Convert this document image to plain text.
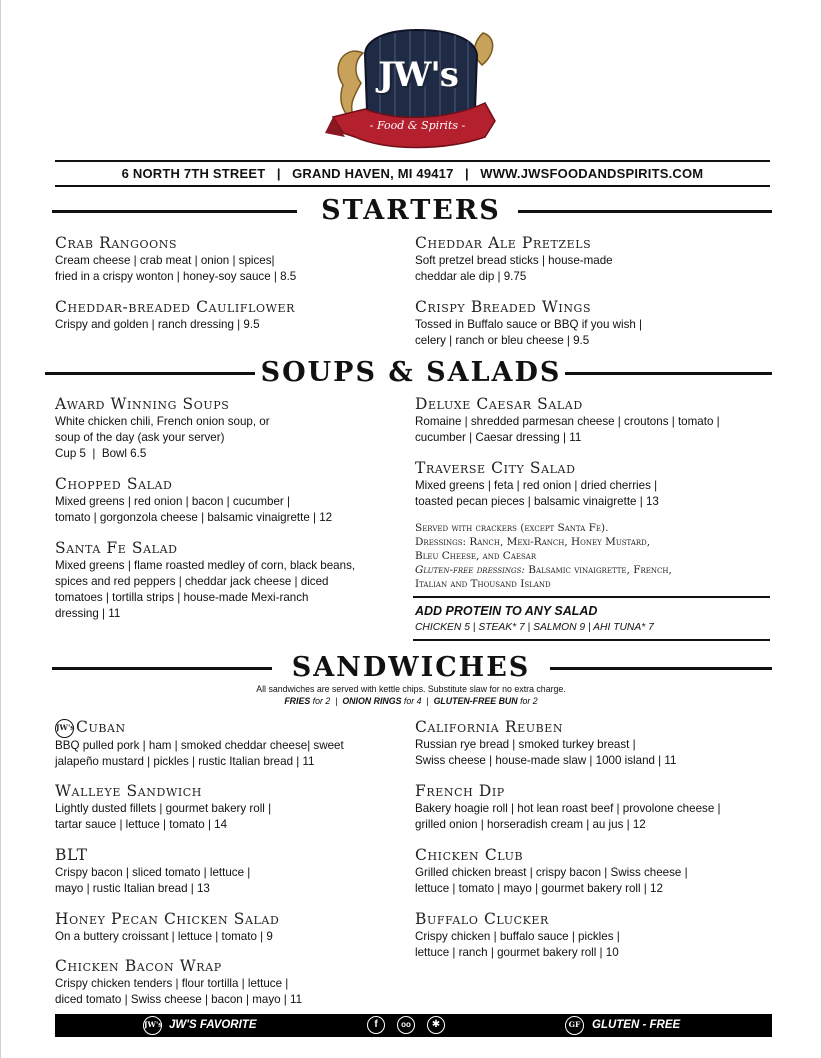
JW's
- Food & Spirits -
6 NORTH 7TH STREET   |   GRAND HAVEN, MI 49417   |   WWW.JWSFOODANDSPIRITS.COM
STARTERS
Crab Rangoons
Cream cheese | crab meat | onion | spices|
fried in a crispy wonton | honey-soy sauce | 8.5
Cheddar-breaded Cauliflower
Crispy and golden | ranch dressing | 9.5
Cheddar Ale Pretzels
Soft pretzel bread sticks | house-made
cheddar ale dip | 9.75
Crispy Breaded Wings
Tossed in Buffalo sauce or BBQ if you wish |
celery | ranch or bleu cheese | 9.5
SOUPS & SALADS
Award Winning Soups
White chicken chili, French onion soup, or
soup of the day (ask your server)
Cup 5  |  Bowl 6.5
Chopped Salad
Mixed greens | red onion | bacon | cucumber |
tomato | gorgonzola cheese | balsamic vinaigrette | 12
Santa Fe Salad
Mixed greens | flame roasted medley of corn, black beans,
spices and red peppers | cheddar jack cheese | diced
tomatoes | tortilla strips | house-made Mexi-ranch
dressing | 11
Deluxe Caesar Salad
Romaine | shredded parmesan cheese | croutons | tomato |
cucumber | Caesar dressing | 11
Traverse City Salad
Mixed greens | feta | red onion | dried cherries |
toasted pecan pieces | balsamic vinaigrette | 13
Served with crackers (except Santa Fe).
Dressings: Ranch, Mexi-Ranch, Honey Mustard,
Bleu Cheese, and Caesar
Gluten-free dressings: Balsamic vinaigrette, French,
Italian and Thousand Island
ADD PROTEIN TO ANY SALAD
CHICKEN 5 | STEAK* 7 | SALMON 9 | AHI TUNA* 7
SANDWICHES
All sandwiches are served with kettle chips. Substitute slaw for no extra charge.
FRIES for 2  |  ONION RINGS for 4  |  GLUTEN-FREE BUN for 2
JW'sCuban
BBQ pulled pork | ham | smoked cheddar cheese| sweet
jalapeño mustard | pickles | rustic Italian bread | 11
Walleye Sandwich
Lightly dusted fillets | gourmet bakery roll |
tartar sauce | lettuce | tomato | 14
BLT
Crispy bacon | sliced tomato | lettuce |
mayo | rustic Italian bread | 13
Honey Pecan Chicken Salad
On a buttery croissant | lettuce | tomato | 9
Chicken Bacon Wrap
Crispy chicken tenders | flour tortilla | lettuce |
diced tomato | Swiss cheese | bacon | mayo | 11
California Reuben
Russian rye bread | smoked turkey breast |
Swiss cheese | house-made slaw | 1000 island | 11
French Dip
Bakery hoagie roll | hot lean roast beef | provolone cheese |
grilled onion | horseradish cream | au jus | 12
Chicken Club
Grilled chicken breast | crispy bacon | Swiss cheese |
lettuce | tomato | mayo | gourmet bakery roll | 12
Buffalo Clucker
Crispy chicken | buffalo sauce | pickles |
lettuce | ranch | gourmet bakery roll | 10
JW's JW'S FAVORITE	f	oo	✱	GF	GLUTEN - FREE
